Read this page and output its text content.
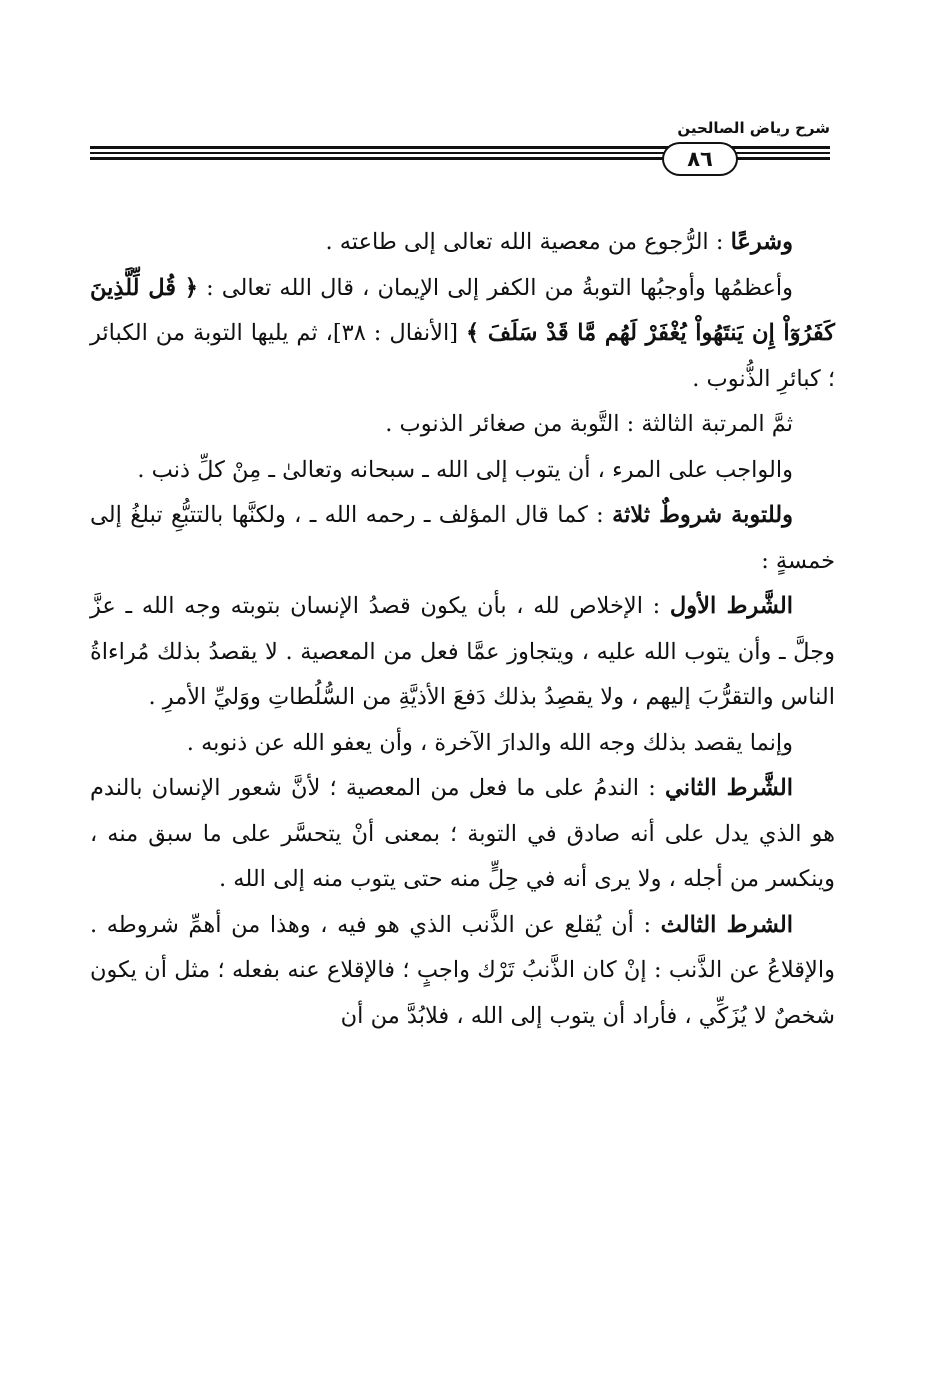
شرح رياض الصالحين
٨٦

وشرعًا : الرُّجوع من معصية الله تعالى إلى طاعته .

وأعظمُها وأوجبُها التوبةُ من الكفر إلى الإيمان ، قال الله تعالى : ﴿ قُل لِّلَّذِينَ كَفَرُوٓاْ إِن يَنتَهُواْ يُغْفَرْ لَهُم مَّا قَدْ سَلَفَ ﴾ [الأنفال : ٣٨]، ثم يليها التوبة من الكبائر ؛ كبائرِ الذُّنوب .

ثمَّ المرتبة الثالثة : التَّوبة من صغائر الذنوب .

والواجب على المرء ، أن يتوب إلى الله ـ سبحانه وتعالىٰ ـ مِنْ كلِّ ذنب .

وللتوبة شروطٌ ثلاثة : كما قال المؤلف ـ رحمه الله ـ ، ولكنَّها بالتتبُّعِ تبلغُ إلى خمسةٍ :

الشَّرط الأول : الإخلاص لله ، بأن يكون قصدُ الإنسان بتوبته وجه الله ـ عزَّ وجلَّ ـ وأن يتوب الله عليه ، ويتجاوز عمَّا فعل من المعصية . لا يقصدُ بذلك مُراءاةُ الناس والتقرُّبَ إليهم ، ولا يقصِدُ بذلك دَفعَ الأذيَّةِ من السُّلُطاتِ ووَليِّ الأمرِ .

وإنما يقصد بذلك وجه الله والدارَ الآخرة ، وأن يعفو الله عن ذنوبه .

الشَّرط الثاني : الندمُ على ما فعل من المعصية ؛ لأنَّ شعور الإنسان بالندم هو الذي يدل على أنه صادق في التوبة ؛ بمعنى أنْ يتحسَّر على ما سبق منه ، وينكسر من أجله ، ولا يرى أنه في حِلٍّ منه حتى يتوب منه إلى الله .

الشرط الثالث : أن يُقلع عن الذَّنب الذي هو فيه ، وهذا من أهمِّ شروطه . والإقلاعُ عن الذَّنب : إنْ كان الذَّنبُ تَرْك واجبٍ ؛ فالإقلاع عنه بفعله ؛ مثل أن يكون شخصٌ لا يُزَكِّي ، فأراد أن يتوب إلى الله ، فلابُدَّ من أن
